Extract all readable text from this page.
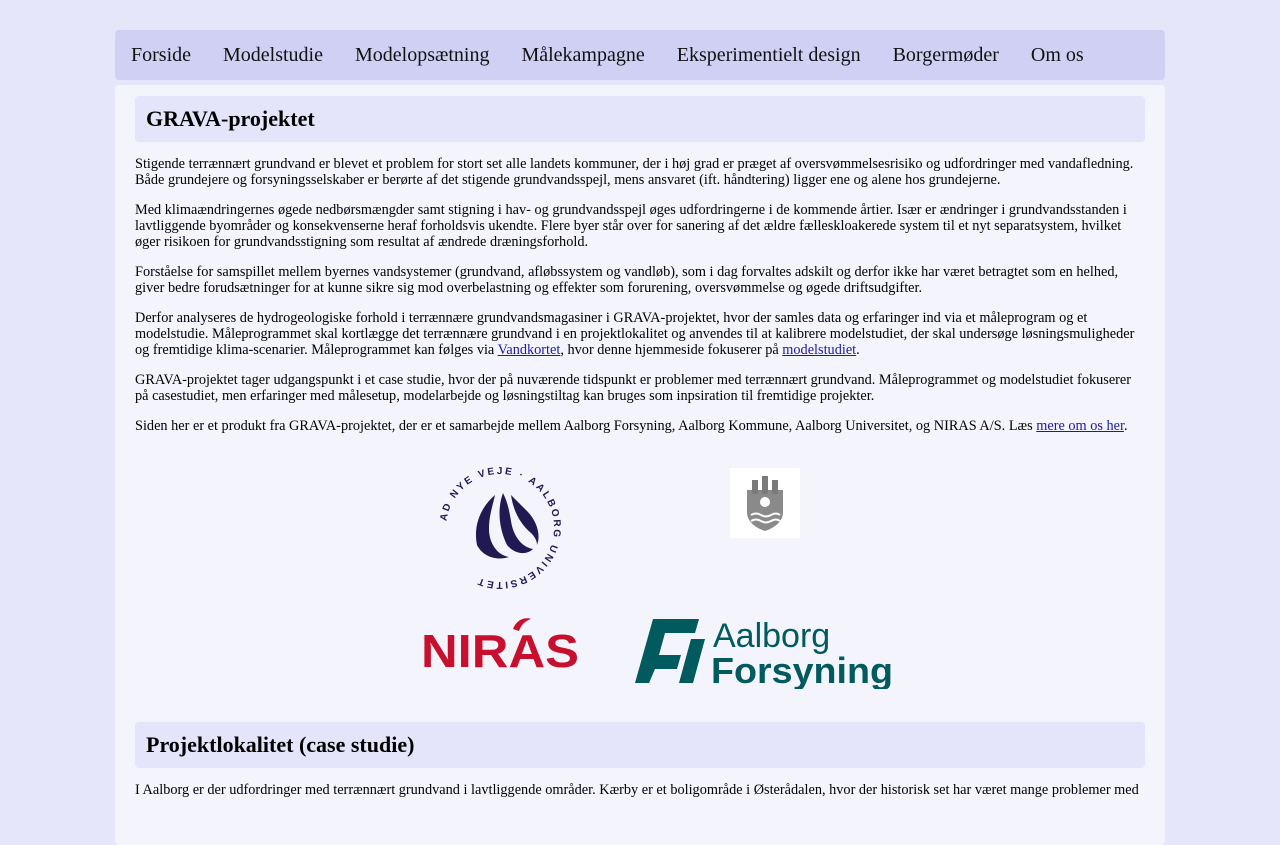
Forside	Modelstudie	Modelopsætning	Målekampagne	Eksperimentielt design	Borgermøder	Om os
GRAVA-projektet

Stigende terrænnært grundvand er blevet et problem for stort set alle landets kommuner, der i høj grad er præget af oversvømmelsesrisiko og udfordringer med vandafledning. Både grundejere og forsyningsselskaber er berørte af det stigende grundvandsspejl, mens ansvaret (ift. håndtering) ligger ene og alene hos grundejerne.

Med klimaændringernes øgede nedbørsmængder samt stigning i hav- og grundvandsspejl øges udfordringerne i de kommende årtier. Især er ændringer i grundvandsstanden i lavtliggende byområder og konsekvenserne heraf forholdsvis ukendte. Flere byer står over for sanering af det ældre fælleskloakerede system til et nyt separatsystem, hvilket øger risikoen for grundvandsstigning som resultat af ændrede dræningsforhold.

Forståelse for samspillet mellem byernes vandsystemer (grundvand, afløbssystem og vandløb), som i dag forvaltes adskilt og derfor ikke har været betragtet som en helhed, giver bedre forudsætninger for at kunne sikre sig mod overbelastning og effekter som forurening, oversvømmelse og øgede driftsudgifter.

Derfor analyseres de hydrogeologiske forhold i terrænnære grundvandsmagasiner i GRAVA-projektet, hvor der samles data og erfaringer ind via et måleprogram og et modelstudie. Måleprogrammet skal kortlægge det terrænnære grundvand i en projektlokalitet og anvendes til at kalibrere modelstudiet, der skal undersøge løsningsmuligheder og fremtidige klima-scenarier. Måleprogrammet kan følges via Vandkortet, hvor denne hjemmeside fokuserer på modelstudiet.

GRAVA-projektet tager udgangspunkt i et case studie, hvor der på nuværende tidspunkt er problemer med terrænnært grundvand. Måleprogrammet og modelstudiet fokuserer på casestudiet, men erfaringer med målesetup, modelarbejde og løsningstiltag kan bruges som inpsiration til fremtidige projekter.

Siden her er et produkt fra GRAVA-projektet, der er et samarbejde mellem Aalborg Forsyning, Aalborg Kommune, Aalborg Universitet, og NIRAS A/S. Læs mere om os her.

AD NYE VEJE · AALBORG UNIVERSITET
NIRAS	Aalborg
Forsyning
Projektlokalitet (case studie)

I Aalborg er der udfordringer med terrænnært grundvand i lavtliggende områder. Kærby er et boligområde i Østerådalen, hvor der historisk set har været mange problemer med
